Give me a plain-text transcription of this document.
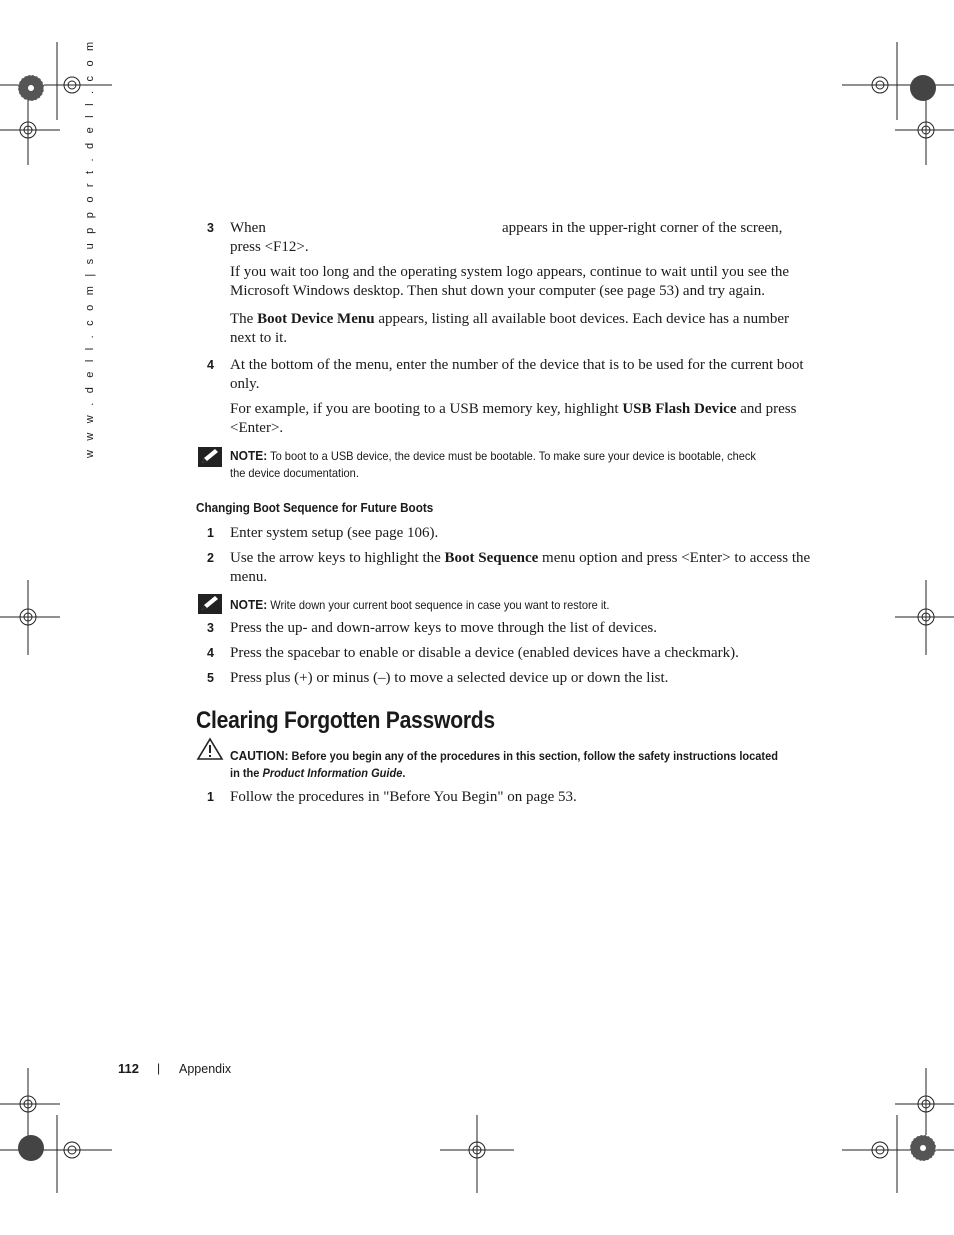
w w w . d e l l . c o m | s u p p o r t . d e l l . c o m	3 When	appears in the upper-right corner of the screen,
press <F12>.
If you wait too long and the operating system logo appears, continue to wait until you see the Microsoft Windows desktop. Then shut down your computer (see page 53) and try again.
The Boot Device Menu appears, listing all available boot devices. Each device has a number next to it.
4 At the bottom of the menu, enter the number of the device that is to be used for the current boot only.
For example, if you are booting to a USB memory key, highlight USB Flash Device and press <Enter>.
NOTE: To boot to a USB device, the device must be bootable. To make sure your device is bootable, check the device documentation.
Changing Boot Sequence for Future Boots
1 Enter system setup (see page 106).
2 Use the arrow keys to highlight the Boot Sequence menu option and press <Enter> to access the menu.
NOTE: Write down your current boot sequence in case you want to restore it.
3 Press the up- and down-arrow keys to move through the list of devices.
4 Press the spacebar to enable or disable a device (enabled devices have a checkmark).
5 Press plus (+) or minus (–) to move a selected device up or down the list.
Clearing Forgotten Passwords
CAUTION: Before you begin any of the procedures in this section, follow the safety instructions located in the Product Information Guide.
1 Follow the procedures in "Before You Begin" on page 53.
112 | Appendix
